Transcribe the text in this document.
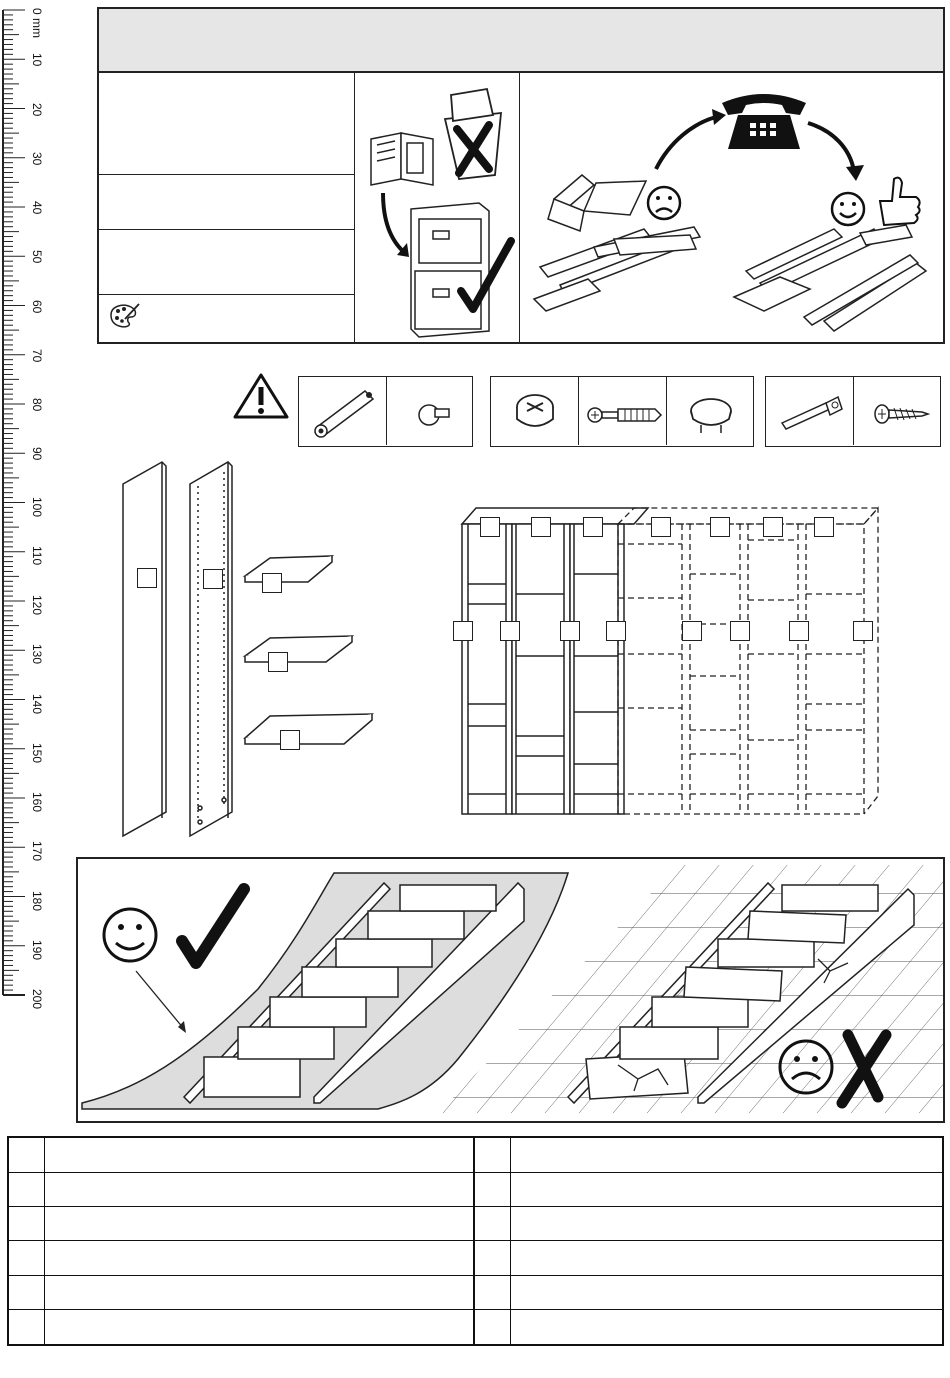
0 mm
10
20
30
40
50
60
70
80
90
100
110
120
130
140
150
160
170
180
190
200
